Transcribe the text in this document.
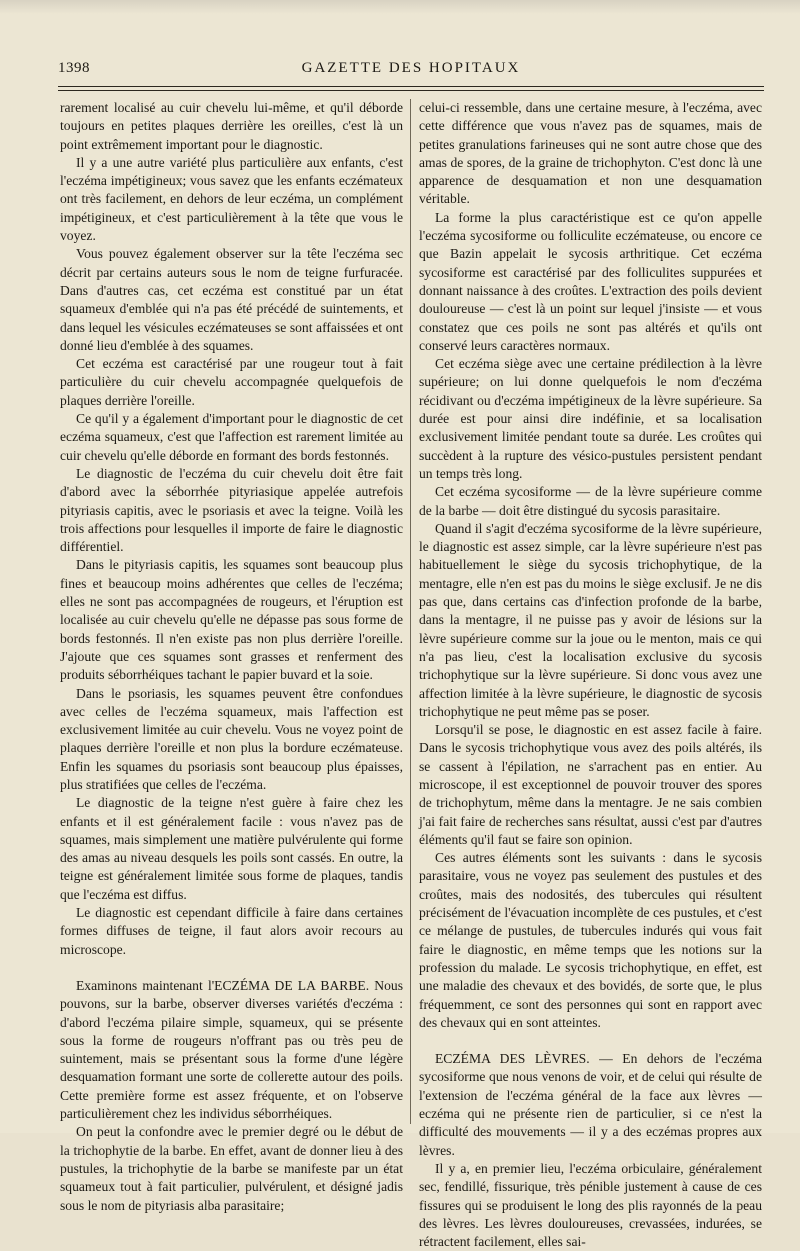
1398	GAZETTE DES HOPITAUX

rarement localisé au cuir chevelu lui-même, et qu'il déborde toujours en petites plaques derrière les oreilles, c'est là un point extrêmement important pour le diagnostic.

Il y a une autre variété plus particulière aux enfants, c'est l'eczéma impétigineux; vous savez que les enfants eczémateux ont très facilement, en dehors de leur eczéma, un complément impétigineux, et c'est particulièrement à la tête que vous le voyez.

Vous pouvez également observer sur la tête l'eczéma sec décrit par certains auteurs sous le nom de teigne furfuracée. Dans d'autres cas, cet eczéma est constitué par un état squameux d'emblée qui n'a pas été précédé de suintements, et dans lequel les vésicules eczémateuses se sont affaissées et ont donné lieu d'emblée à des squames.

Cet eczéma est caractérisé par une rougeur tout à fait particulière du cuir chevelu accompagnée quelquefois de plaques derrière l'oreille.

Ce qu'il y a également d'important pour le diagnostic de cet eczéma squameux, c'est que l'affection est rarement limitée au cuir chevelu qu'elle déborde en formant des bords festonnés.

Le diagnostic de l'eczéma du cuir chevelu doit être fait d'abord avec la séborrhée pityriasique appelée autrefois pityriasis capitis, avec le psoriasis et avec la teigne. Voilà les trois affections pour lesquelles il importe de faire le diagnostic différentiel.

Dans le pityriasis capitis, les squames sont beaucoup plus fines et beaucoup moins adhérentes que celles de l'eczéma; elles ne sont pas accompagnées de rougeurs, et l'éruption est localisée au cuir chevelu qu'elle ne dépasse pas sous forme de bords festonnés. Il n'en existe pas non plus derrière l'oreille. J'ajoute que ces squames sont grasses et renferment des produits séborrhéiques tachant le papier buvard et la soie.

Dans le psoriasis, les squames peuvent être confondues avec celles de l'eczéma squameux, mais l'affection est exclusivement limitée au cuir chevelu. Vous ne voyez point de plaques derrière l'oreille et non plus la bordure eczémateuse. Enfin les squames du psoriasis sont beaucoup plus épaisses, plus stratifiées que celles de l'eczéma.

Le diagnostic de la teigne n'est guère à faire chez les enfants et il est généralement facile : vous n'avez pas de squames, mais simplement une matière pulvérulente qui forme des amas au niveau desquels les poils sont cassés. En outre, la teigne est généralement limitée sous forme de plaques, tandis que l'eczéma est diffus.

Le diagnostic est cependant difficile à faire dans certaines formes diffuses de teigne, il faut alors avoir recours au microscope.

Examinons maintenant l'ECZÉMA DE LA BARBE. Nous pouvons, sur la barbe, observer diverses variétés d'eczéma : d'abord l'eczéma pilaire simple, squameux, qui se présente sous la forme de rougeurs n'offrant pas ou très peu de suintement, mais se présentant sous la forme d'une légère desquamation formant une sorte de collerette autour des poils. Cette première forme est assez fréquente, et on l'observe particulièrement chez les individus séborrhéiques.

On peut la confondre avec le premier degré ou le début de la trichophytie de la barbe. En effet, avant de donner lieu à des pustules, la trichophytie de la barbe se manifeste par un état squameux tout à fait particulier, pulvérulent, et désigné jadis sous le nom de pityriasis alba parasitaire;

celui-ci ressemble, dans une certaine mesure, à l'eczéma, avec cette différence que vous n'avez pas de squames, mais de petites granulations farineuses qui ne sont autre chose que des amas de spores, de la graine de trichophyton. C'est donc là une apparence de desquamation et non une desquamation véritable.

La forme la plus caractéristique est ce qu'on appelle l'eczéma sycosiforme ou folliculite eczémateuse, ou encore ce que Bazin appelait le sycosis arthritique. Cet eczéma sycosiforme est caractérisé par des folliculites suppurées et donnant naissance à des croûtes. L'extraction des poils devient douloureuse — c'est là un point sur lequel j'insiste — et vous constatez que ces poils ne sont pas altérés et qu'ils ont conservé leurs caractères normaux.

Cet eczéma siège avec une certaine prédilection à la lèvre supérieure; on lui donne quelquefois le nom d'eczéma récidivant ou d'eczéma impétigineux de la lèvre supérieure. Sa durée est pour ainsi dire indéfinie, et sa localisation exclusivement limitée pendant toute sa durée. Les croûtes qui succèdent à la rupture des vésico-pustules persistent pendant un temps très long.

Cet eczéma sycosiforme — de la lèvre supérieure comme de la barbe — doit être distingué du sycosis parasitaire.

Quand il s'agit d'eczéma sycosiforme de la lèvre supérieure, le diagnostic est assez simple, car la lèvre supérieure n'est pas habituellement le siège du sycosis trichophytique, de la mentagre, elle n'en est pas du moins le siège exclusif. Je ne dis pas que, dans certains cas d'infection profonde de la barbe, dans la mentagre, il ne puisse pas y avoir de lésions sur la lèvre supérieure comme sur la joue ou le menton, mais ce qui n'a pas lieu, c'est la localisation exclusive du sycosis trichophytique sur la lèvre supérieure. Si donc vous avez une affection limitée à la lèvre supérieure, le diagnostic de sycosis trichophytique ne peut même pas se poser.

Lorsqu'il se pose, le diagnostic en est assez facile à faire. Dans le sycosis trichophytique vous avez des poils altérés, ils se cassent à l'épilation, ne s'arrachent pas en entier. Au microscope, il est exceptionnel de pouvoir trouver des spores de trichophytum, même dans la mentagre. Je ne sais combien j'ai fait faire de recherches sans résultat, aussi c'est par d'autres éléments qu'il faut se faire son opinion.

Ces autres éléments sont les suivants : dans le sycosis parasitaire, vous ne voyez pas seulement des pustules et des croûtes, mais des nodosités, des tubercules qui résultent précisément de l'évacuation incomplète de ces pustules, et c'est ce mélange de pustules, de tubercules indurés qui vous fait faire le diagnostic, en même temps que les notions sur la profession du malade. Le sycosis trichophytique, en effet, est une maladie des chevaux et des bovidés, de sorte que, le plus fréquemment, ce sont des personnes qui sont en rapport avec des chevaux qui en sont atteintes.

ECZÉMA DES LÈVRES. — En dehors de l'eczéma sycosiforme que nous venons de voir, et de celui qui résulte de l'extension de l'eczéma général de la face aux lèvres — eczéma qui ne présente rien de particulier, si ce n'est la difficulté des mouvements — il y a des eczémas propres aux lèvres.

Il y a, en premier lieu, l'eczéma orbiculaire, généralement sec, fendillé, fissurique, très pénible justement à cause de ces fissures qui se produisent le long des plis rayonnés de la peau des lèvres. Les lèvres douloureuses, crevassées, indurées, se rétractent facilement, elles sai-
